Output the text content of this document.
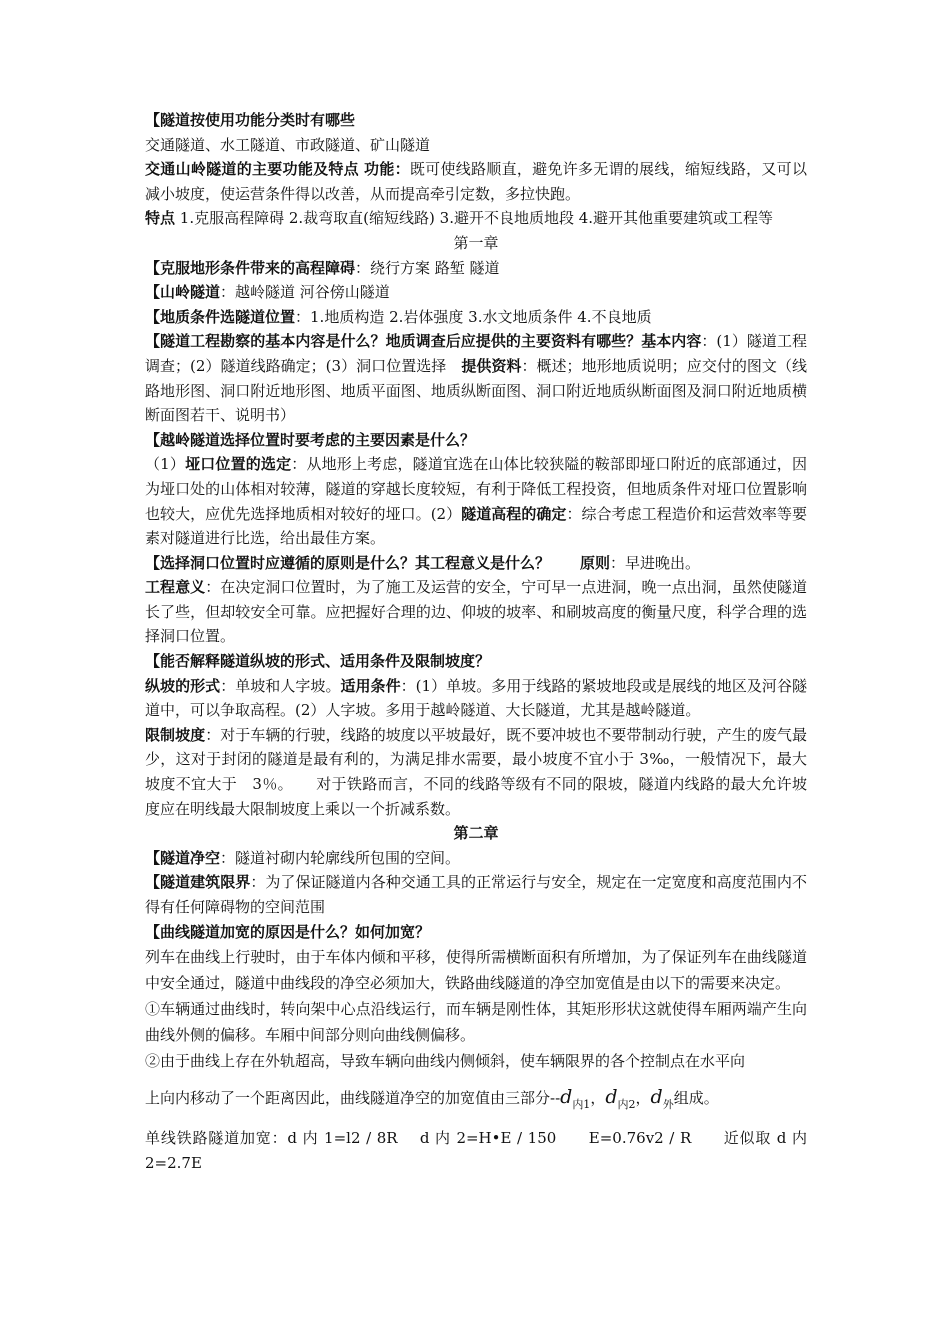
【隧道按使用功能分类时有哪些

交通隧道、水工隧道、市政隧道、矿山隧道

交通山岭隧道的主要功能及特点 功能：既可使线路顺直，避免许多无谓的展线，缩短线路，又可以减小坡度，使运营条件得以改善，从而提高牵引定数，多拉快跑。

特点 1.克服高程障碍 2.裁弯取直(缩短线路) 3.避开不良地质地段 4.避开其他重要建筑或工程等

第一章

【克服地形条件带来的高程障碍：绕行方案 路堑 隧道

【山岭隧道：越岭隧道 河谷傍山隧道

【地质条件选隧道位置：1.地质构造 2.岩体强度 3.水文地质条件 4.不良地质

【隧道工程勘察的基本内容是什么？地质调查后应提供的主要资料有哪些？基本内容：(1）隧道工程调查；(2）隧道线路确定；(3）洞口位置选择　提供资料：概述；地形地质说明；应交付的图文（线路地形图、洞口附近地形图、地质平面图、地质纵断面图、洞口附近地质纵断面图及洞口附近地质横断面图若干、说明书）

【越岭隧道选择位置时要考虑的主要因素是什么？

（1）垭口位置的选定：从地形上考虑，隧道宜选在山体比较狭隘的鞍部即垭口附近的底部通过，因为垭口处的山体相对较薄，隧道的穿越长度较短，有利于降低工程投资，但地质条件对垭口位置影响也较大，应优先选择地质相对较好的垭口。(2）隧道高程的确定：综合考虑工程造价和运营效率等要素对隧道进行比选，给出最佳方案。

【选择洞口位置时应遵循的原则是什么？其工程意义是什么？　　原则：早进晚出。

工程意义：在决定洞口位置时，为了施工及运营的安全，宁可早一点进洞，晚一点出洞，虽然使隧道长了些，但却较安全可靠。应把握好合理的边、仰坡的坡率、和刷坡高度的衡量尺度，科学合理的选择洞口位置。

【能否解释隧道纵坡的形式、适用条件及限制坡度？

纵坡的形式：单坡和人字坡。适用条件：(1）单坡。多用于线路的紧坡地段或是展线的地区及河谷隧道中，可以争取高程。(2）人字坡。多用于越岭隧道、大长隧道，尤其是越岭隧道。

限制坡度：对于车辆的行驶，线路的坡度以平坡最好，既不要冲坡也不要带制动行驶，产生的废气最少，这对于封闭的隧道是最有利的，为满足排水需要，最小坡度不宜小于 3‰，一般情况下，最大坡度不宜大于　3％。　　对于铁路而言，不同的线路等级有不同的限坡，隧道内线路的最大允许坡度应在明线最大限制坡度上乘以一个折减系数。

第二章

【隧道净空：隧道衬砌内轮廓线所包围的空间。

【隧道建筑限界：为了保证隧道内各种交通工具的正常运行与安全，规定在一定宽度和高度范围内不得有任何障碍物的空间范围

【曲线隧道加宽的原因是什么？如何加宽？

列车在曲线上行驶时，由于车体内倾和平移，使得所需横断面积有所增加，为了保证列车在曲线隧道中安全通过，隧道中曲线段的净空必须加大，铁路曲线隧道的净空加宽值是由以下的需要来决定。

①车辆通过曲线时，转向架中心点沿线运行，而车辆是刚性体，其矩形形状这就使得车厢两端产生向曲线外侧的偏移。车厢中间部分则向曲线侧偏移。

②由于曲线上存在外轨超高，导致车辆向曲线内侧倾斜，使车辆限界的各个控制点在水平向

上向内移动了一个距离因此，曲线隧道净空的加宽值由三部分$--d_{内1}$，$d_{内2}$，$d_外$组成。

单线铁路隧道加宽：d 内 1=l2 / 8R　 d 内 2=H•E / 150　　E=0.76v2 / R　　近似取 d 内 2=2.7E
